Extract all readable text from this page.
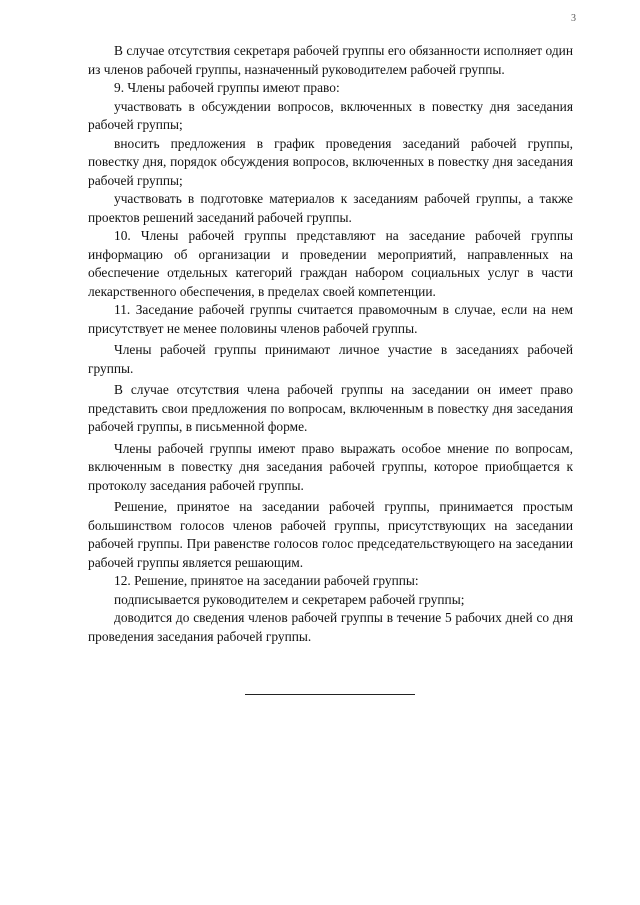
3

В случае отсутствия секретаря рабочей группы его обязанности исполняет один из членов рабочей группы, назначенный руководителем рабочей группы.

9. Члены рабочей группы имеют право:

участвовать в обсуждении вопросов, включенных в повестку дня заседания рабочей группы;

вносить предложения в график проведения заседаний рабочей группы, повестку дня, порядок обсуждения вопросов, включенных в повестку дня заседания рабочей группы;

участвовать в подготовке материалов к заседаниям рабочей группы, а также проектов решений заседаний рабочей группы.

10. Члены рабочей группы представляют на заседание рабочей группы информацию об организации и проведении мероприятий, направленных на обеспечение отдельных категорий граждан набором социальных услуг в части лекарственного обеспечения, в пределах своей компетенции.

11. Заседание рабочей группы считается правомочным в случае, если на нем присутствует не менее половины членов рабочей группы.

Члены рабочей группы принимают личное участие в заседаниях рабочей группы.

В случае отсутствия члена рабочей группы на заседании он имеет право представить свои предложения по вопросам, включенным в повестку дня заседания рабочей группы, в письменной форме.

Члены рабочей группы имеют право выражать особое мнение по вопросам, включенным в повестку дня заседания рабочей группы, которое приобщается к протоколу заседания рабочей группы.

Решение, принятое на заседании рабочей группы, принимается простым большинством голосов членов рабочей группы, присутствующих на заседании рабочей группы. При равенстве голосов голос председательствующего на заседании рабочей группы является решающим.

12. Решение, принятое на заседании рабочей группы:

подписывается руководителем и секретарем рабочей группы;

доводится до сведения членов рабочей группы в течение 5 рабочих дней со дня проведения заседания рабочей группы.
